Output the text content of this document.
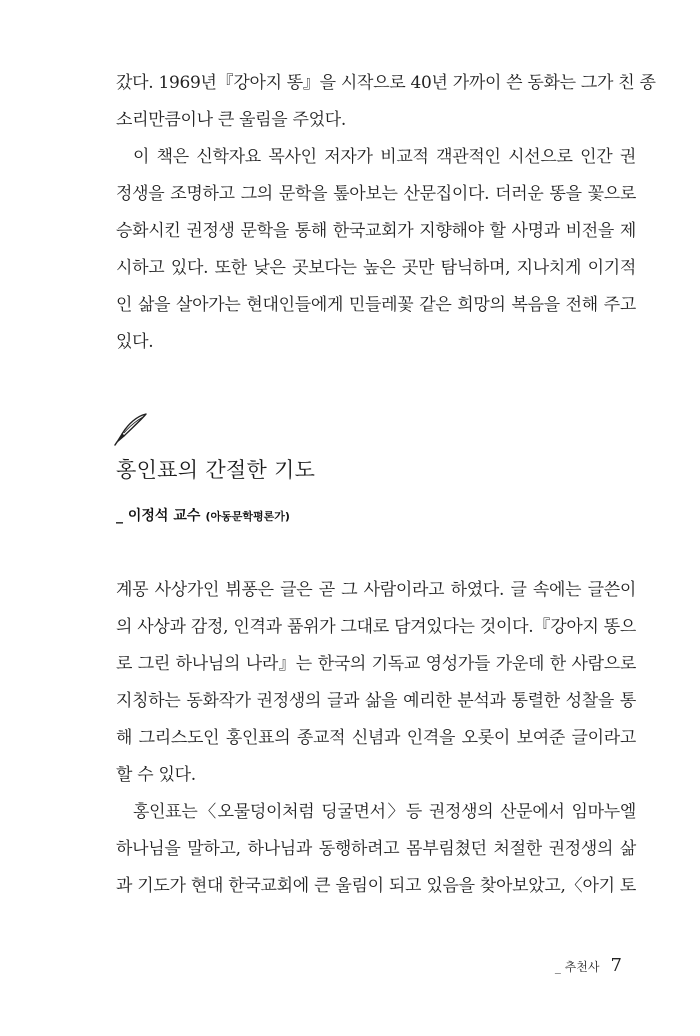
갔다. 1969년『강아지 똥』을 시작으로 40년 가까이 쓴 동화는 그가 친 종
소리만큼이나 큰 울림을 주었다.
이 책은 신학자요 목사인 저자가 비교적 객관적인 시선으로 인간 권
정생을 조명하고 그의 문학을 톺아보는 산문집이다. 더러운 똥을 꽃으로
승화시킨 권정생 문학을 통해 한국교회가 지향해야 할 사명과 비전을 제
시하고 있다. 또한 낮은 곳보다는 높은 곳만 탐닉하며, 지나치게 이기적
인 삶을 살아가는 현대인들에게 민들레꽃 같은 희망의 복음을 전해 주고
있다.
홍인표의 간절한 기도
_ 이정석 교수 (아동문학평론가)
계몽 사상가인 뷔퐁은 글은 곧 그 사람이라고 하였다. 글 속에는 글쓴이
의 사상과 감정, 인격과 품위가 그대로 담겨있다는 것이다.『강아지 똥으
로 그린 하나님의 나라』는 한국의 기독교 영성가들 가운데 한 사람으로
지칭하는 동화작가 권정생의 글과 삶을 예리한 분석과 통렬한 성찰을 통
해 그리스도인 홍인표의 종교적 신념과 인격을 오롯이 보여준 글이라고
할 수 있다.
홍인표는〈오물덩이처럼 딩굴면서〉등 권정생의 산문에서 임마누엘
하나님을 말하고, 하나님과 동행하려고 몸부림쳤던 처절한 권정생의 삶
과 기도가 현대 한국교회에 큰 울림이 되고 있음을 찾아보았고,〈아기 토
_ 추천사 7
